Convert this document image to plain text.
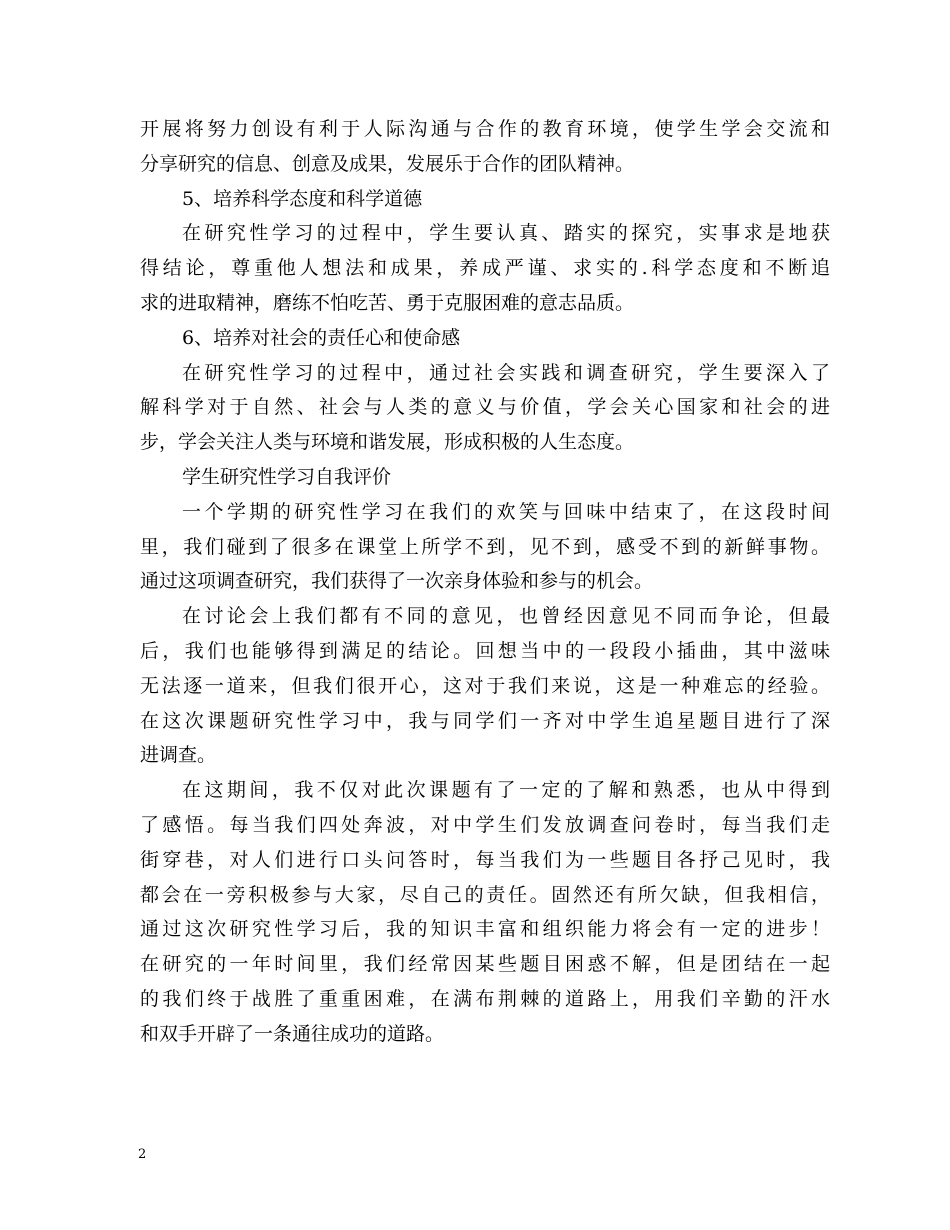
开展将努力创设有利于人际沟通与合作的教育环境，使学生学会交流和
分享研究的信息、创意及成果，发展乐于合作的团队精神。
5、培养科学态度和科学道德
在研究性学习的过程中，学生要认真、踏实的探究，实事求是地获
得结论，尊重他人想法和成果，养成严谨、求实的.科学态度和不断追
求的进取精神，磨练不怕吃苦、勇于克服困难的意志品质。
6、培养对社会的责任心和使命感
在研究性学习的过程中，通过社会实践和调查研究，学生要深入了
解科学对于自然、社会与人类的意义与价值，学会关心国家和社会的进
步，学会关注人类与环境和谐发展，形成积极的人生态度。
学生研究性学习自我评价
一个学期的研究性学习在我们的欢笑与回味中结束了，在这段时间
里，我们碰到了很多在课堂上所学不到，见不到，感受不到的新鲜事物。
通过这项调查研究，我们获得了一次亲身体验和参与的机会。
在讨论会上我们都有不同的意见，也曾经因意见不同而争论，但最
后，我们也能够得到满足的结论。回想当中的一段段小插曲，其中滋味
无法逐一道来，但我们很开心，这对于我们来说，这是一种难忘的经验。
在这次课题研究性学习中，我与同学们一齐对中学生追星题目进行了深
进调查。
在这期间，我不仅对此次课题有了一定的了解和熟悉，也从中得到
了感悟。每当我们四处奔波，对中学生们发放调查问卷时，每当我们走
街穿巷，对人们进行口头问答时，每当我们为一些题目各抒己见时，我
都会在一旁积极参与大家，尽自己的责任。固然还有所欠缺，但我相信，
通过这次研究性学习后，我的知识丰富和组织能力将会有一定的进步！
在研究的一年时间里，我们经常因某些题目困惑不解，但是团结在一起
的我们终于战胜了重重困难，在满布荆棘的道路上，用我们辛勤的汗水
和双手开辟了一条通往成功的道路。
2
